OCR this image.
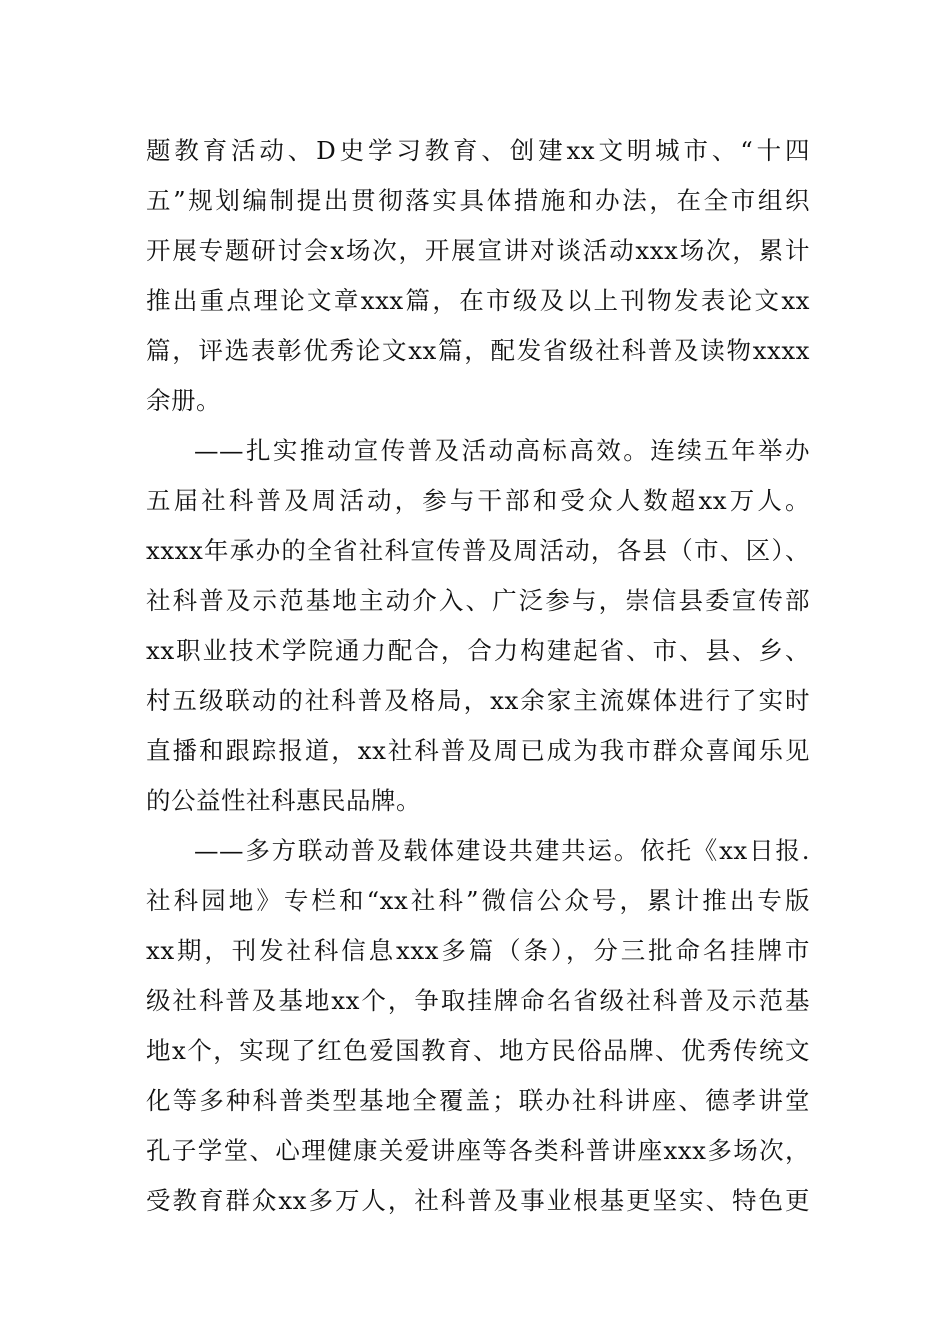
题教育活动、D史学习教育、创建xx文明城市、“十四
五”规划编制提出贯彻落实具体措施和办法，在全市组织
开展专题研讨会x场次，开展宣讲对谈活动xxx场次，累计
推出重点理论文章xxx篇，在市级及以上刊物发表论文xx
篇，评选表彰优秀论文xx篇，配发省级社科普及读物xxxx
余册。
——扎实推动宣传普及活动高标高效。连续五年举办
五届社科普及周活动，参与干部和受众人数超xx万人。
xxxx年承办的全省社科宣传普及周活动，各县（市、区）、
社科普及示范基地主动介入、广泛参与，崇信县委宣传部
xx职业技术学院通力配合，合力构建起省、市、县、乡、
村五级联动的社科普及格局，xx余家主流媒体进行了实时
直播和跟踪报道，xx社科普及周已成为我市群众喜闻乐见
的公益性社科惠民品牌。
——多方联动普及载体建设共建共运。依托《xx日报.
社科园地》专栏和“xx社科”微信公众号，累计推出专版
xx期，刊发社科信息xxx多篇（条），分三批命名挂牌市
级社科普及基地xx个，争取挂牌命名省级社科普及示范基
地x个，实现了红色爱国教育、地方民俗品牌、优秀传统文
化等多种科普类型基地全覆盖；联办社科讲座、德孝讲堂
孔子学堂、心理健康关爱讲座等各类科普讲座xxx多场次，
受教育群众xx多万人，社科普及事业根基更坚实、特色更
